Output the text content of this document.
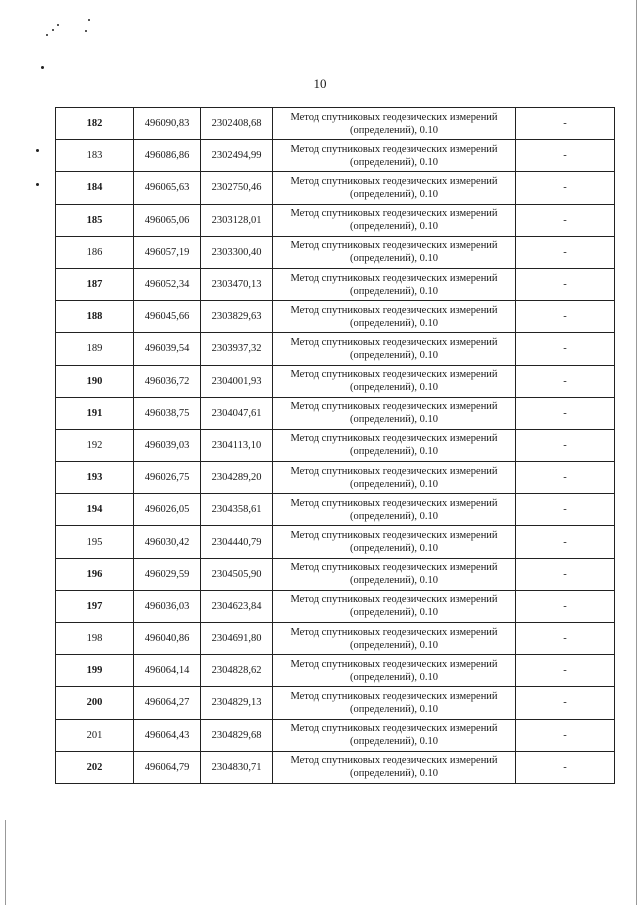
10
182	496090,83	2302408,68	Метод спутниковых геодезических измерений
(определений), 0.10	-
183	496086,86	2302494,99	Метод спутниковых геодезических измерений
(определений), 0.10	-
184	496065,63	2302750,46	Метод спутниковых геодезических измерений
(определений), 0.10	-
185	496065,06	2303128,01	Метод спутниковых геодезических измерений
(определений), 0.10	-
186	496057,19	2303300,40	Метод спутниковых геодезических измерений
(определений), 0.10	-
187	496052,34	2303470,13	Метод спутниковых геодезических измерений
(определений), 0.10	-
188	496045,66	2303829,63	Метод спутниковых геодезических измерений
(определений), 0.10	-
189	496039,54	2303937,32	Метод спутниковых геодезических измерений
(определений), 0.10	-
190	496036,72	2304001,93	Метод спутниковых геодезических измерений
(определений), 0.10	-
191	496038,75	2304047,61	Метод спутниковых геодезических измерений
(определений), 0.10	-
192	496039,03	2304113,10	Метод спутниковых геодезических измерений
(определений), 0.10	-
193	496026,75	2304289,20	Метод спутниковых геодезических измерений
(определений), 0.10	-
194	496026,05	2304358,61	Метод спутниковых геодезических измерений
(определений), 0.10	-
195	496030,42	2304440,79	Метод спутниковых геодезических измерений
(определений), 0.10	-
196	496029,59	2304505,90	Метод спутниковых геодезических измерений
(определений), 0.10	-
197	496036,03	2304623,84	Метод спутниковых геодезических измерений
(определений), 0.10	-
198	496040,86	2304691,80	Метод спутниковых геодезических измерений
(определений), 0.10	-
199	496064,14	2304828,62	Метод спутниковых геодезических измерений
(определений), 0.10	-
200	496064,27	2304829,13	Метод спутниковых геодезических измерений
(определений), 0.10	-
201	496064,43	2304829,68	Метод спутниковых геодезических измерений
(определений), 0.10	-
202	496064,79	2304830,71	Метод спутниковых геодезических измерений
(определений), 0.10	-
